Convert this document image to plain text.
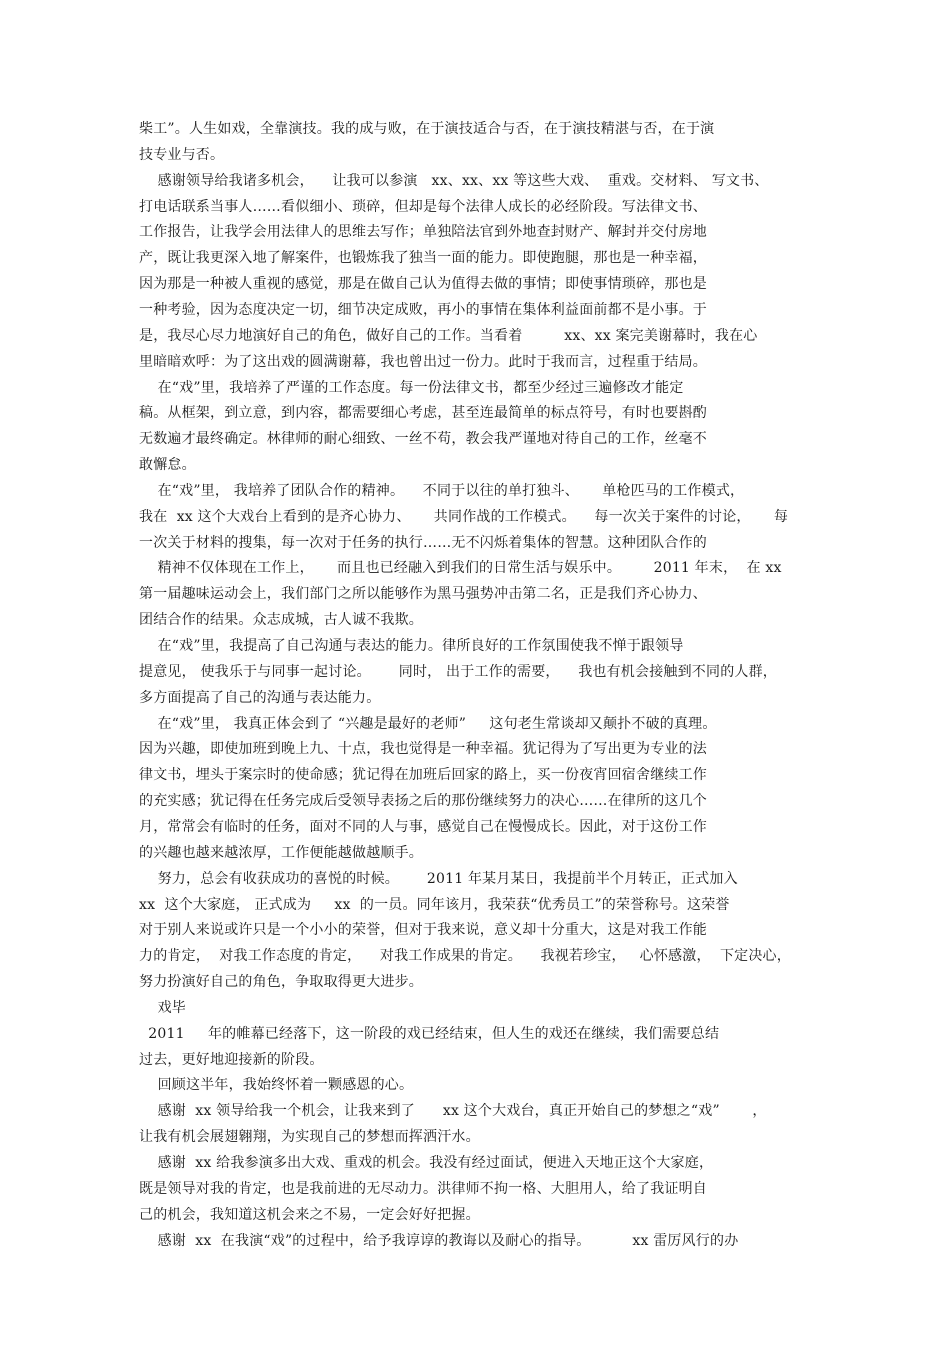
柴工”。人生如戏，全靠演技。我的成与败，在于演技适合与否，在于演技精湛与否，在于演
技专业与否。
感谢领导给我诸多机会，    让我可以参演   xx、xx、xx 等这些大戏、  重戏。交材料、 写文书、
打电话联系当事人……看似细小、琐碎，但却是每个法律人成长的必经阶段。写法律文书、
工作报告，让我学会用法律人的思维去写作；单独陪法官到外地查封财产、解封并交付房地
产，既让我更深入地了解案件，也锻炼我了独当一面的能力。即使跑腿，那也是一种幸福，
因为那是一种被人重视的感觉，那是在做自己认为值得去做的事情；即使事情琐碎，那也是
一种考验，因为态度决定一切，细节决定成败，再小的事情在集体利益面前都不是小事。于
是，我尽心尽力地演好自己的角色，做好自己的工作。当看着         xx、xx 案完美谢幕时，我在心
里暗暗欢呼：为了这出戏的圆满谢幕，我也曾出过一份力。此时于我而言，过程重于结局。
在“戏”里，我培养了严谨的工作态度。每一份法律文书，都至少经过三遍修改才能定
稿。从框架，到立意，到内容，都需要细心考虑，甚至连最简单的标点符号，有时也要斟酌
无数遍才最终确定。林律师的耐心细致、一丝不苟，教会我严谨地对待自己的工作，丝毫不
敢懈怠。
在“戏”里， 我培养了团队合作的精神。    不同于以往的单打独斗、     单枪匹马的工作模式，
我在  xx 这个大戏台上看到的是齐心协力、     共同作战的工作模式。    每一次关于案件的讨论，     每
一次关于材料的搜集，每一次对于任务的执行……无不闪烁着集体的智慧。这种团队合作的
精神不仅体现在工作上，     而且也已经融入到我们的日常生活与娱乐中。       2011 年末，  在 xx
第一届趣味运动会上，我们部门之所以能够作为黑马强势冲击第二名，正是我们齐心协力、
团结合作的结果。众志成城，古人诚不我欺。
在“戏”里，我提高了自己沟通与表达的能力。律所良好的工作氛围使我不惮于跟领导
提意见， 使我乐于与同事一起讨论。      同时， 出于工作的需要，    我也有机会接触到不同的人群，
多方面提高了自己的沟通与表达能力。
在“戏”里， 我真正体会到了 “兴趣是最好的老师”     这句老生常谈却又颠扑不破的真理。
因为兴趣，即使加班到晚上九、十点，我也觉得是一种幸福。犹记得为了写出更为专业的法
律文书，埋头于案宗时的使命感；犹记得在加班后回家的路上，买一份夜宵回宿舍继续工作
的充实感；犹记得在任务完成后受领导表扬之后的那份继续努力的决心……在律所的这几个
月，常常会有临时的任务，面对不同的人与事，感觉自己在慢慢成长。因此，对于这份工作
的兴趣也越来越浓厚，工作便能越做越顺手。
努力，总会有收获成功的喜悦的时候。      2011 年某月某日，我提前半个月转正，正式加入
xx  这个大家庭， 正式成为     xx  的一员。同年该月，我荣获“优秀员工”的荣誉称号。这荣誉
对于别人来说或许只是一个小小的荣誉，但对于我来说，意义却十分重大，这是对我工作能
力的肯定，  对我工作态度的肯定，    对我工作成果的肯定。    我视若珍宝，   心怀感激，  下定决心，
努力扮演好自己的角色，争取取得更大进步。
戏毕
2011     年的帷幕已经落下，这一阶段的戏已经结束，但人生的戏还在继续，我们需要总结
过去，更好地迎接新的阶段。
回顾这半年，我始终怀着一颗感恩的心。
感谢  xx 领导给我一个机会，让我来到了      xx 这个大戏台，真正开始自己的梦想之“戏”       ，
让我有机会展翅翱翔，为实现自己的梦想而挥洒汗水。
感谢  xx 给我参演多出大戏、重戏的机会。我没有经过面试，便进入天地正这个大家庭，
既是领导对我的肯定，也是我前进的无尽动力。洪律师不拘一格、大胆用人，给了我证明自
己的机会，我知道这机会来之不易，一定会好好把握。
感谢  xx  在我演“戏”的过程中，给予我谆谆的教诲以及耐心的指导。         xx 雷厉风行的办
